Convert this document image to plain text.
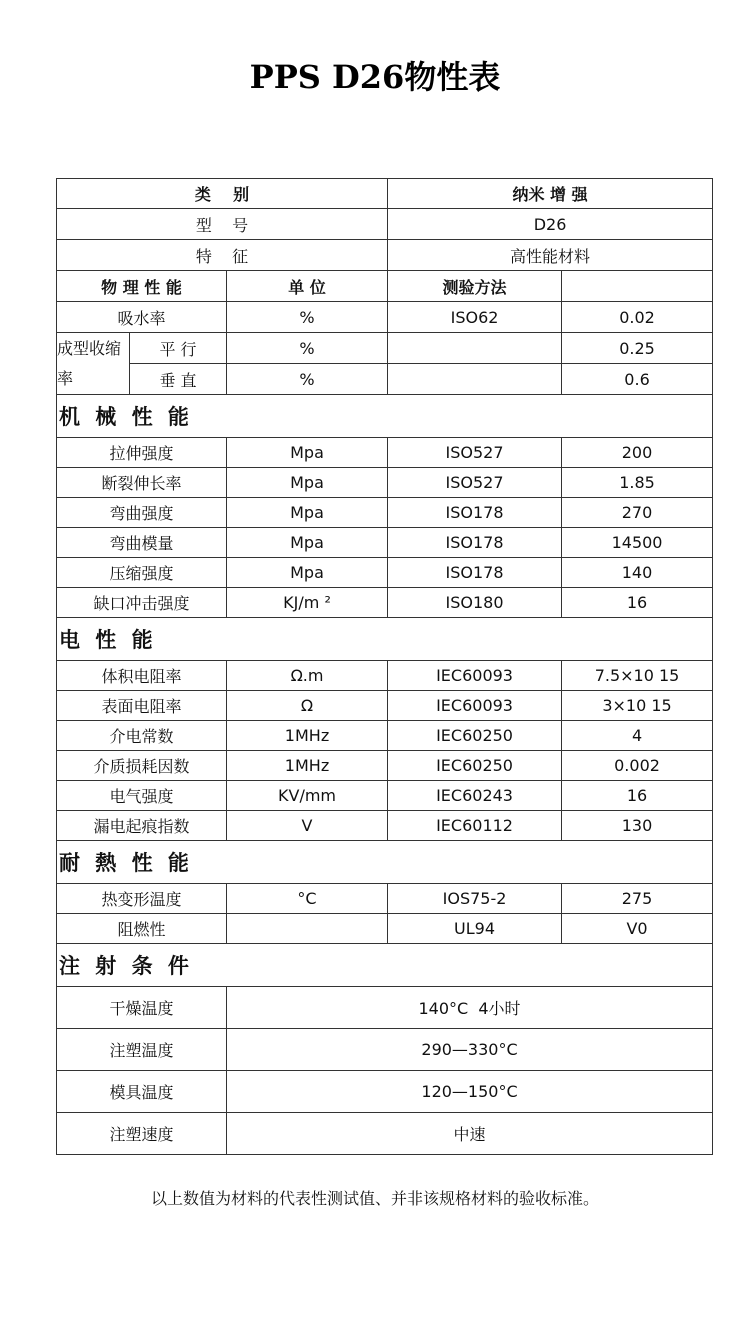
PPS D26物性表
类    别			纳米 增 强	
型    号			D26	
特    征			高性能材料	
物 理 性 能		单 位	测验方法	
吸水率		%	ISO62	0.02
成型收缩率	平 行	%		0.25
	垂 直	%		0.6
机 械 性 能				
拉伸强度		Mpa	ISO527	200
断裂伸长率		Mpa	ISO527	1.85
弯曲强度		Mpa	ISO178	270
弯曲模量		Mpa	ISO178	14500
压缩强度		Mpa	ISO178	140
缺口冲击强度		KJ/m ²	ISO180	16
电 性 能				
体积电阻率		Ω.m	IEC60093	7.5×10 15
表面电阻率		Ω	IEC60093	3×10 15
介电常数		1MHz	IEC60250	4
介质损耗因数		1MHz	IEC60250	0.002
电气强度		KV/mm	IEC60243	16
漏电起痕指数		V	IEC60112	130
耐 熱 性 能				
热变形温度		°C	IOS75-2	275
阻燃性			UL94	V0
注 射 条 件				
干燥温度		140°C  4小时		
注塑温度		290—330°C		
模具温度		120—150°C		
注塑速度		中速		
以上数值为材料的代表性测试值、并非该规格材料的验收标准。
